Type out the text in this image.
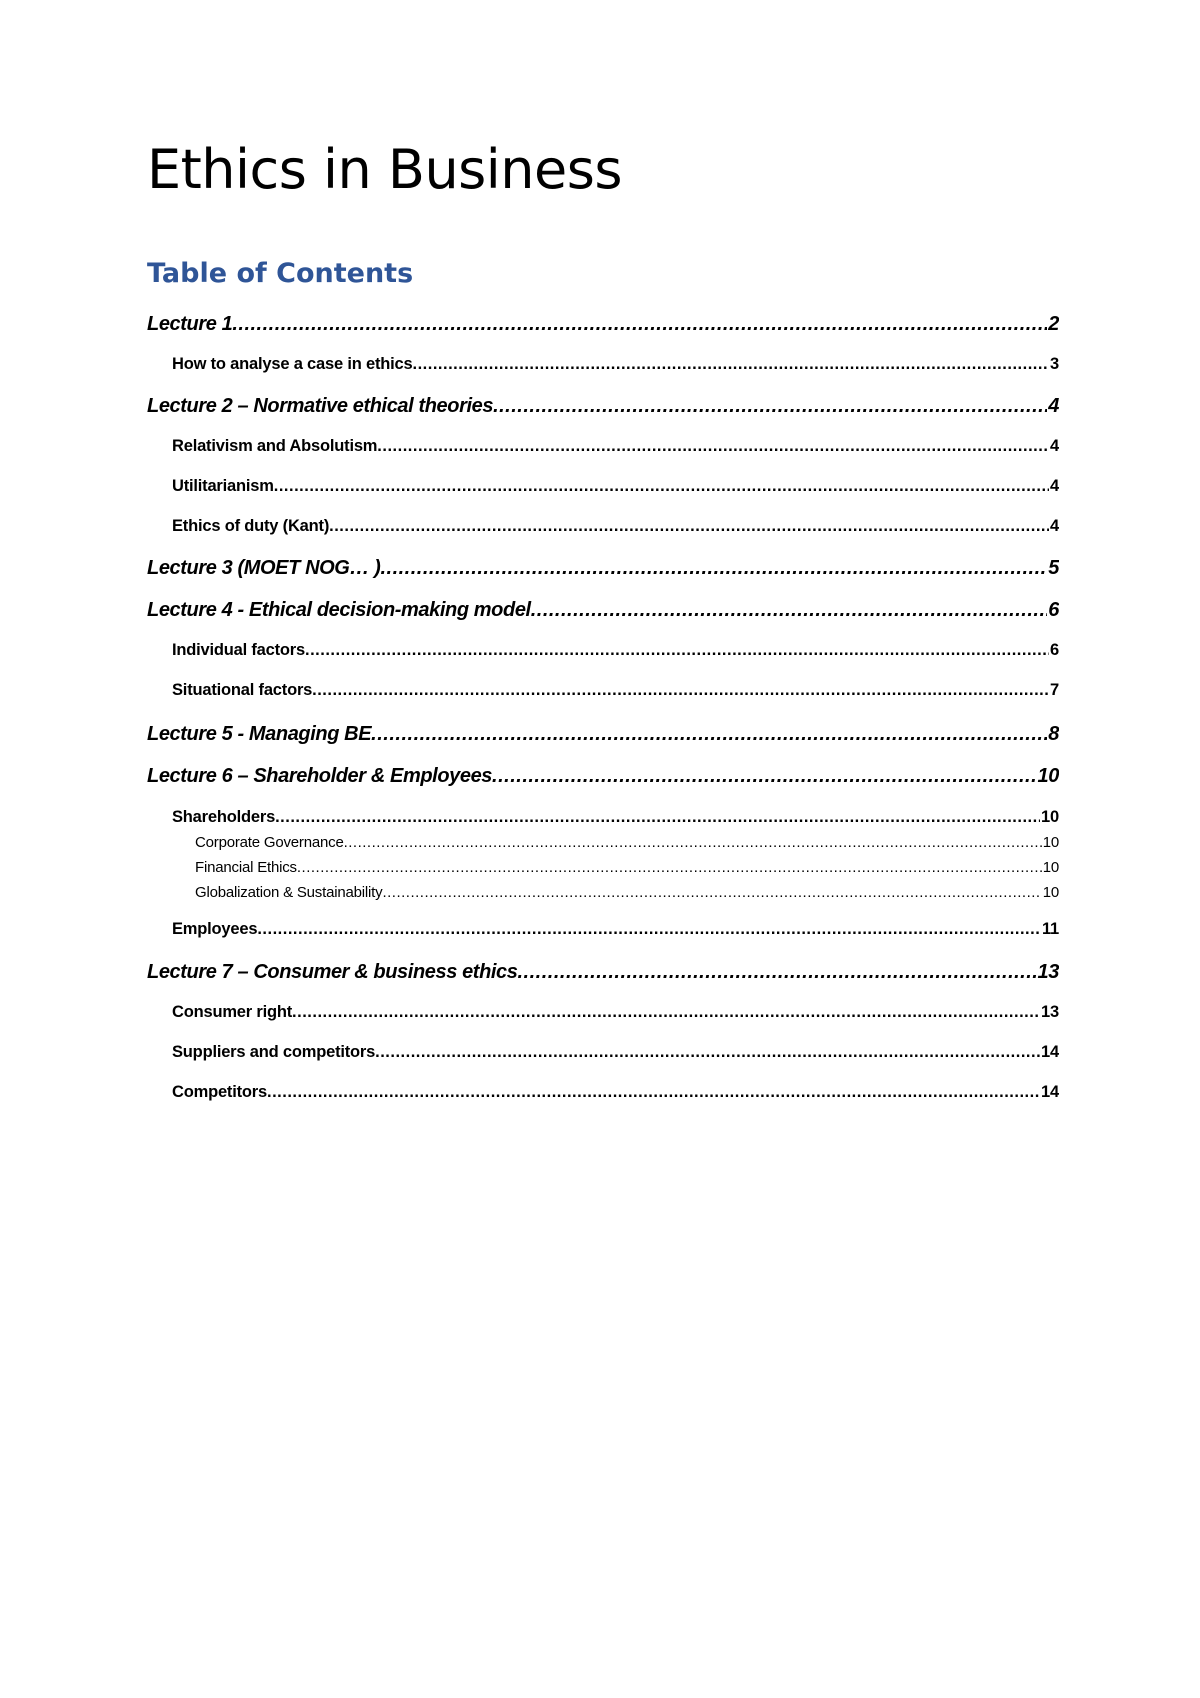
Ethics in Business
Table of Contents
Lecture 1 .....	2
How to analyse a case in ethics .....	3
Lecture 2 – Normative ethical theories .....	4
Relativism and Absolutism .....	4
Utilitarianism .....	4
Ethics of duty (Kant) .....	4
Lecture 3 (MOET NOG… ) .....	5
Lecture 4 - Ethical decision-making model .....	6
Individual factors .....	6
Situational factors .....	7
Lecture 5 - Managing BE .....	8
Lecture 6 – Shareholder & Employees .....	10
Shareholders .....	10
Corporate Governance .....	10
Financial Ethics .....	10
Globalization & Sustainability .....	10
Employees .....	11
Lecture 7 – Consumer & business ethics .....	13
Consumer right .....	13
Suppliers and competitors .....	14
Competitors .....	14
